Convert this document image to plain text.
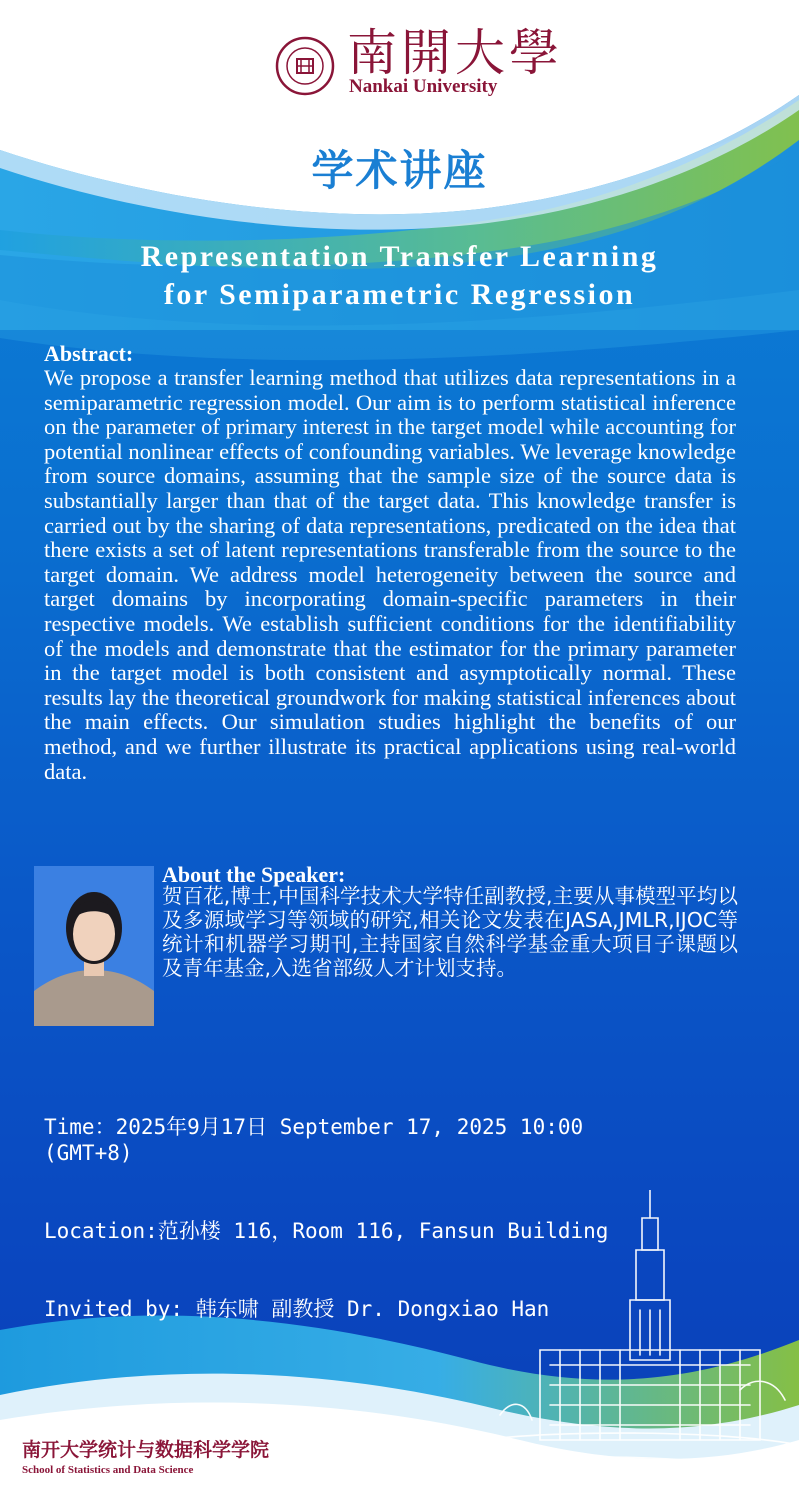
南開大學
Nankai University
学术讲座
Representation Transfer Learning
for Semiparametric Regression
Abstract:
We propose a transfer learning method that utilizes data representations in a semiparametric regression model. Our aim is to perform statistical inference on the parameter of primary interest in the target model while accounting for potential nonlinear effects of confounding variables. We leverage knowledge from source domains, assuming that the sample size of the source data is substantially larger than that of the target data. This knowledge transfer is carried out by the sharing of data representations, predicated on the idea that there exists a set of latent representations transferable from the source to the target domain. We address model heterogeneity between the source and target domains by incorporating domain-specific parameters in their respective models. We establish sufficient conditions for the identifiability of the models and demonstrate that the estimator for the primary parameter in the target model is both consistent and asymptotically normal. These results lay the theoretical groundwork for making statistical inferences about the main effects. Our simulation studies highlight the benefits of our method, and we further illustrate its practical applications using real-world data.
About the Speaker:
贺百花,博士,中国科学技术大学特任副教授,主要从事模型平均以及多源域学习等领域的研究,相关论文发表在JASA,JMLR,IJOC等统计和机器学习期刊,主持国家自然科学基金重大项目子课题以及青年基金,入选省部级人才计划支持。

Time：2025年9月17日 September 17, 2025 10:00
(GMT+8)

Location:范孙楼 116，Room 116, Fansun Building

Invited by: 韩东啸 副教授 Dr. Dongxiao Han

南开大学统计与数据科学学院
School of Statistics and Data Science
